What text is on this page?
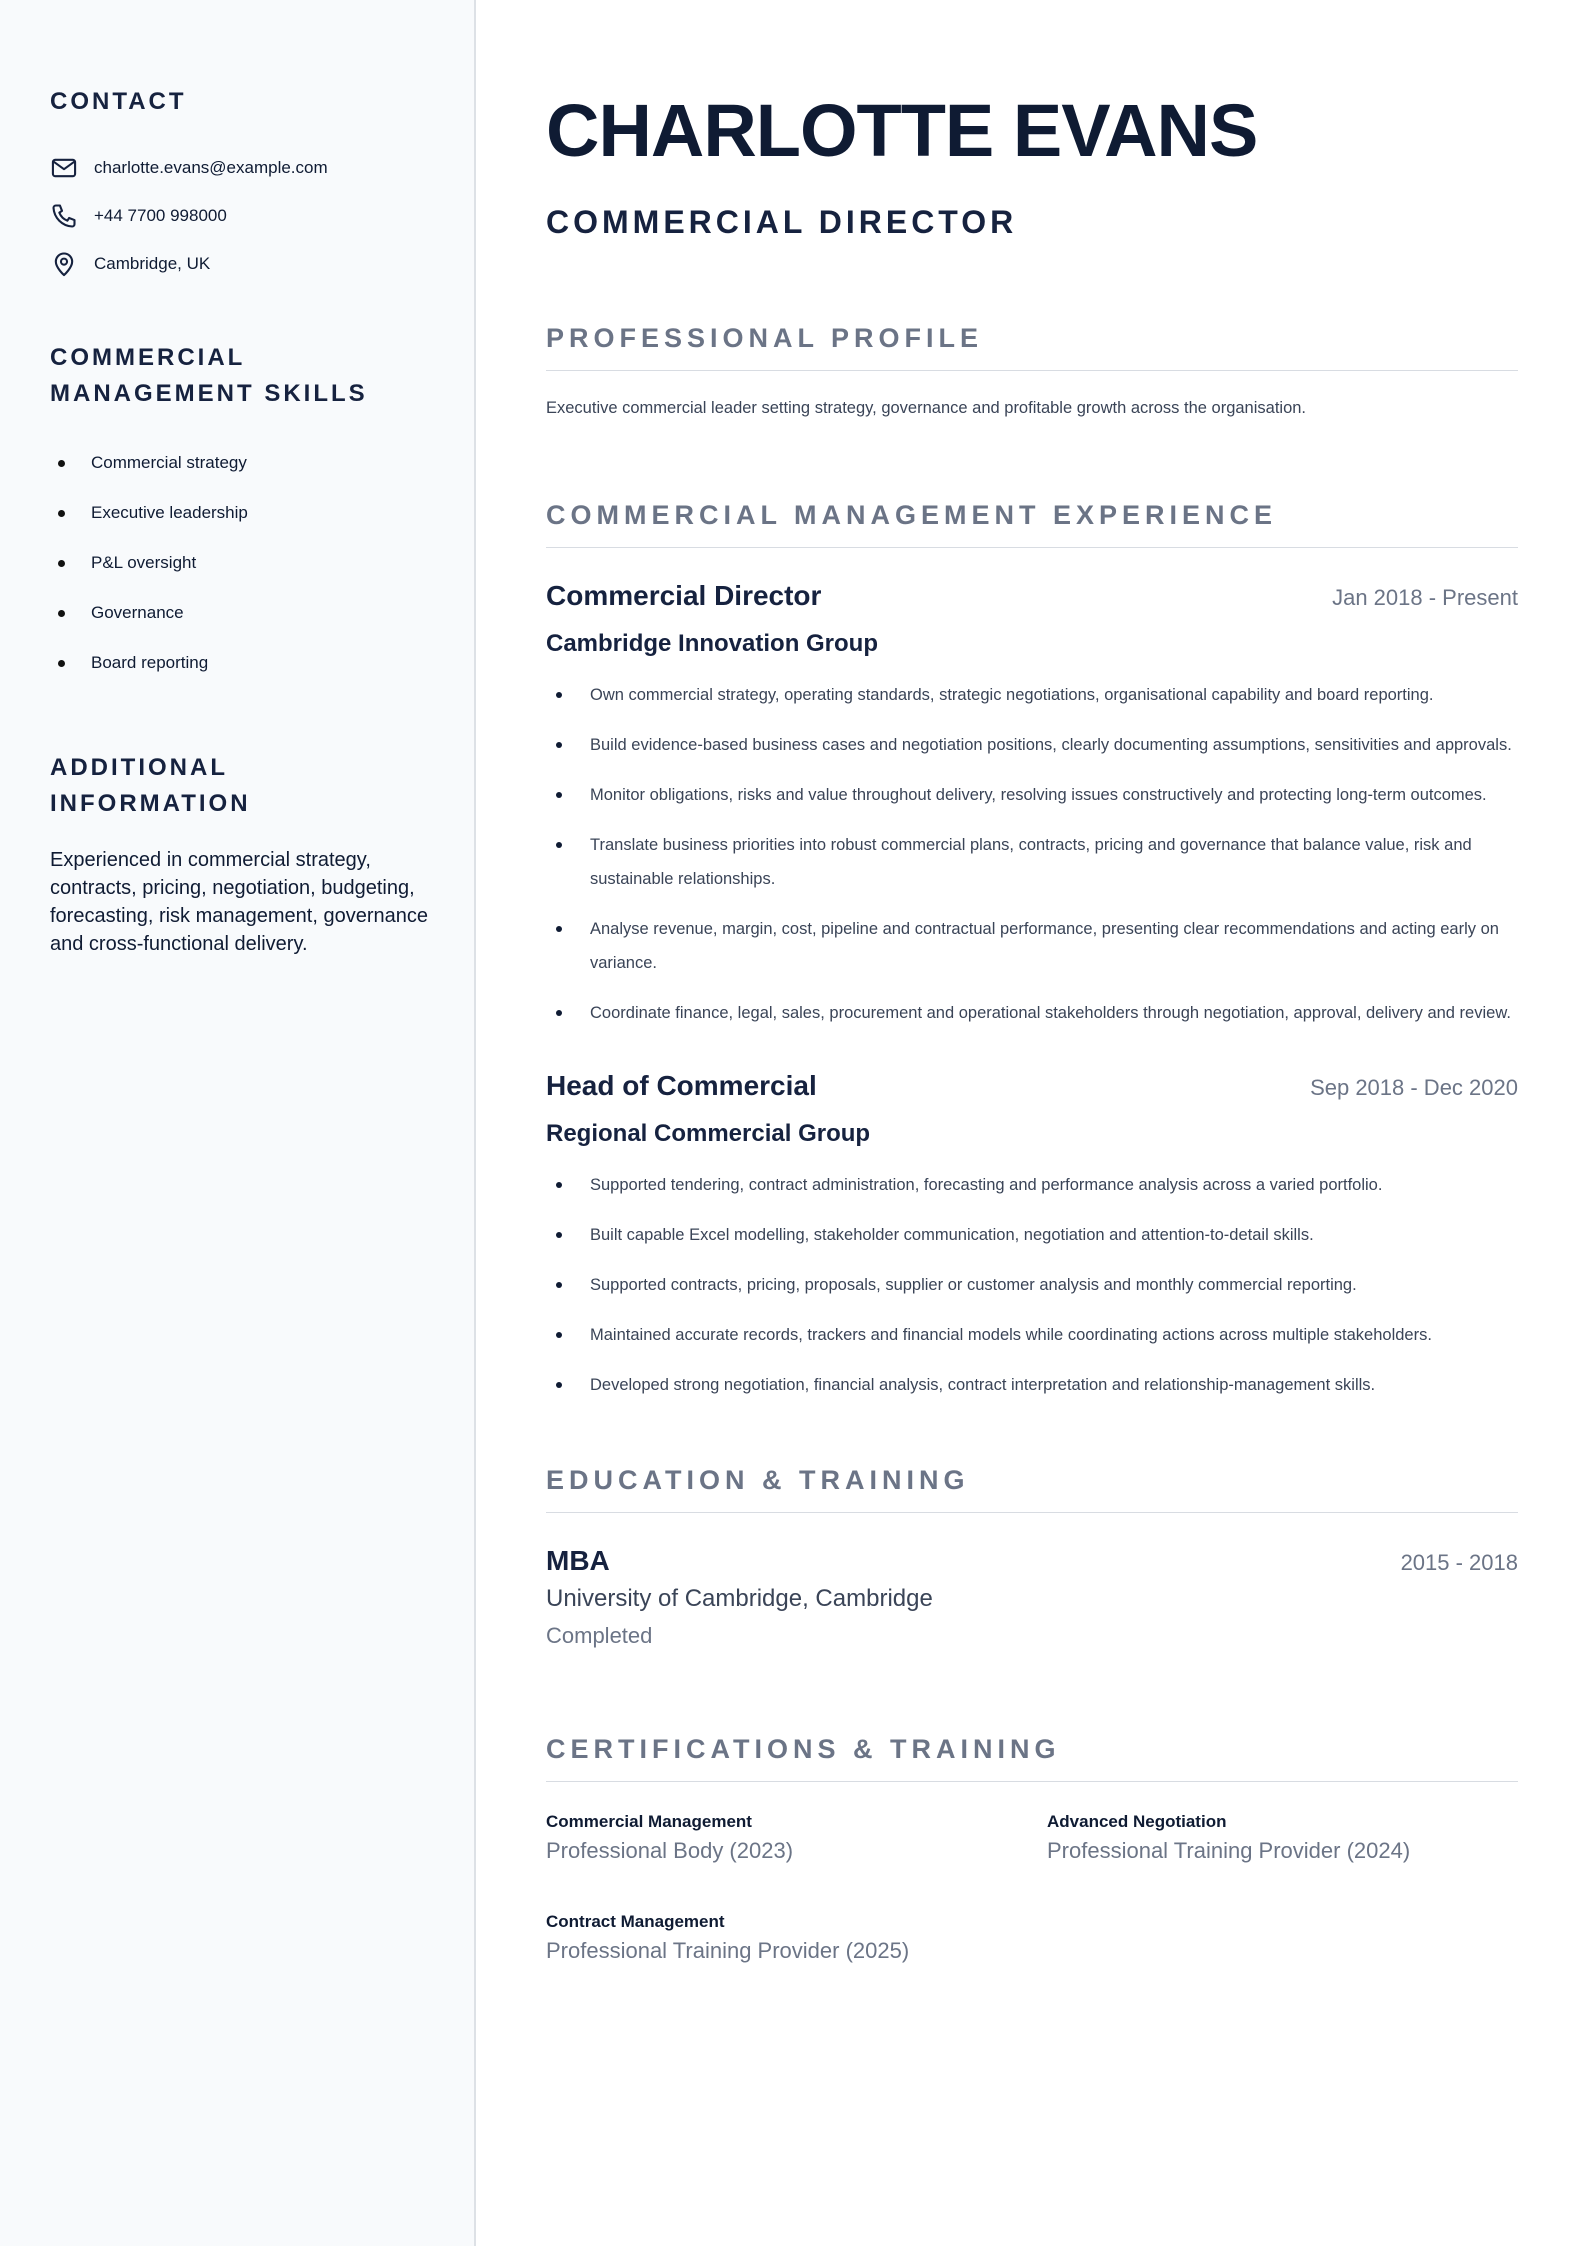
CONTACT
charlotte.evans@example.com
+44 7700 998000
Cambridge, UK
COMMERCIAL
MANAGEMENT SKILLS
Commercial strategy
Executive leadership
P&L oversight
Governance
Board reporting
ADDITIONAL INFORMATION

Experienced in commercial strategy, contracts, pricing, negotiation, budgeting, forecasting, risk management, governance and cross-functional delivery.

CHARLOTTE EVANS
COMMERCIAL DIRECTOR
PROFESSIONAL PROFILE

Executive commercial leader setting strategy, governance and profitable growth across the organisation.

COMMERCIAL MANAGEMENT EXPERIENCE
Commercial Director	Jan 2018 - Present
Cambridge Innovation Group
Own commercial strategy, operating standards, strategic negotiations, organisational capability and board reporting.
Build evidence-based business cases and negotiation positions, clearly documenting assumptions, sensitivities and approvals.
Monitor obligations, risks and value throughout delivery, resolving issues constructively and protecting long-term outcomes.
Translate business priorities into robust commercial plans, contracts, pricing and governance that balance value, risk and sustainable relationships.
Analyse revenue, margin, cost, pipeline and contractual performance, presenting clear recommendations and acting early on variance.
Coordinate finance, legal, sales, procurement and operational stakeholders through negotiation, approval, delivery and review.
Head of Commercial	Sep 2018 - Dec 2020
Regional Commercial Group
Supported tendering, contract administration, forecasting and performance analysis across a varied portfolio.
Built capable Excel modelling, stakeholder communication, negotiation and attention-to-detail skills.
Supported contracts, pricing, proposals, supplier or customer analysis and monthly commercial reporting.
Maintained accurate records, trackers and financial models while coordinating actions across multiple stakeholders.
Developed strong negotiation, financial analysis, contract interpretation and relationship-management skills.
EDUCATION & TRAINING
MBA	2015 - 2018
University of Cambridge, Cambridge
Completed
CERTIFICATIONS & TRAINING
Commercial Management
Professional Body (2023)
Advanced Negotiation
Professional Training Provider (2024)
Contract Management
Professional Training Provider (2025)
